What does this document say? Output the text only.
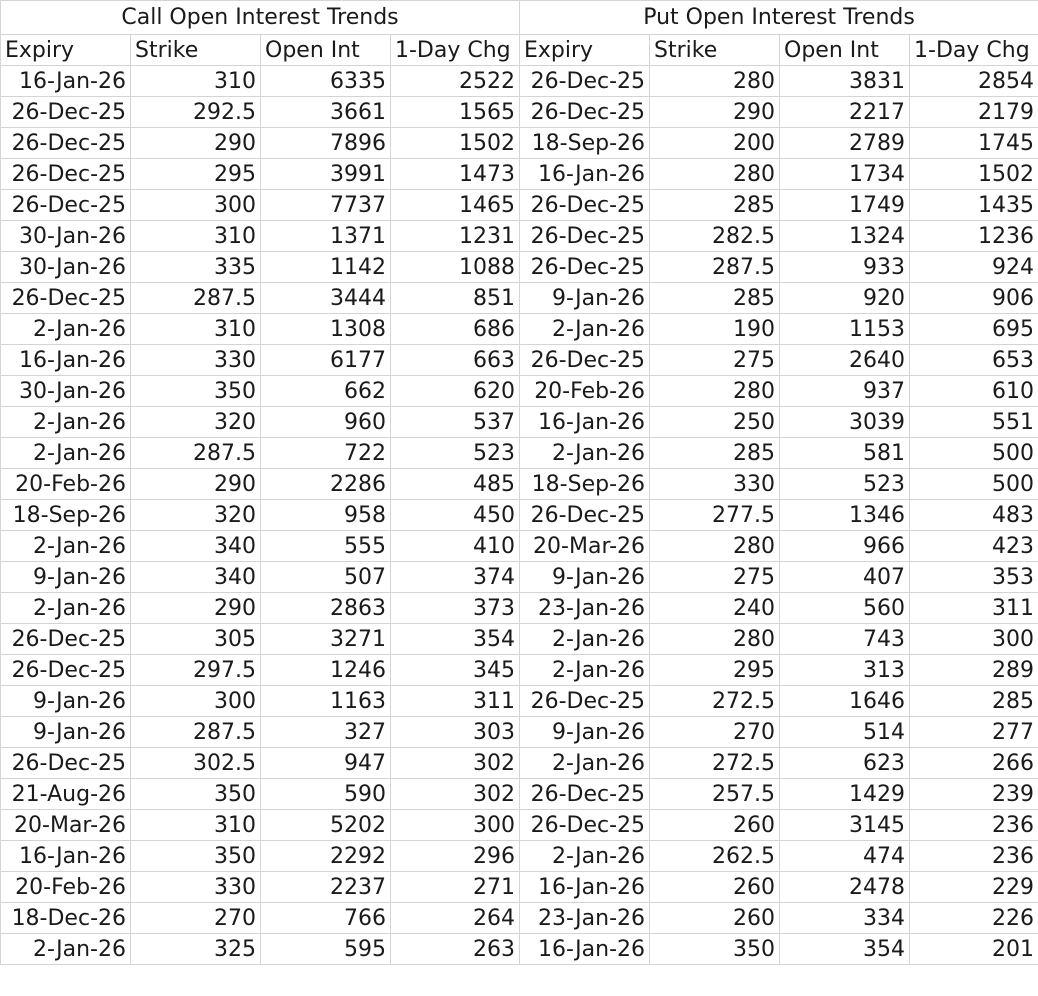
Call Open Interest Trends				Put Open Interest Trends			
Expiry	Strike	Open Int	1-Day Chg	Expiry	Strike	Open Int	1-Day Chg
16-Jan-26	310	6335	2522	26-Dec-25	280	3831	2854
26-Dec-25	292.5	3661	1565	26-Dec-25	290	2217	2179
26-Dec-25	290	7896	1502	18-Sep-26	200	2789	1745
26-Dec-25	295	3991	1473	16-Jan-26	280	1734	1502
26-Dec-25	300	7737	1465	26-Dec-25	285	1749	1435
30-Jan-26	310	1371	1231	26-Dec-25	282.5	1324	1236
30-Jan-26	335	1142	1088	26-Dec-25	287.5	933	924
26-Dec-25	287.5	3444	851	9-Jan-26	285	920	906
2-Jan-26	310	1308	686	2-Jan-26	190	1153	695
16-Jan-26	330	6177	663	26-Dec-25	275	2640	653
30-Jan-26	350	662	620	20-Feb-26	280	937	610
2-Jan-26	320	960	537	16-Jan-26	250	3039	551
2-Jan-26	287.5	722	523	2-Jan-26	285	581	500
20-Feb-26	290	2286	485	18-Sep-26	330	523	500
18-Sep-26	320	958	450	26-Dec-25	277.5	1346	483
2-Jan-26	340	555	410	20-Mar-26	280	966	423
9-Jan-26	340	507	374	9-Jan-26	275	407	353
2-Jan-26	290	2863	373	23-Jan-26	240	560	311
26-Dec-25	305	3271	354	2-Jan-26	280	743	300
26-Dec-25	297.5	1246	345	2-Jan-26	295	313	289
9-Jan-26	300	1163	311	26-Dec-25	272.5	1646	285
9-Jan-26	287.5	327	303	9-Jan-26	270	514	277
26-Dec-25	302.5	947	302	2-Jan-26	272.5	623	266
21-Aug-26	350	590	302	26-Dec-25	257.5	1429	239
20-Mar-26	310	5202	300	26-Dec-25	260	3145	236
16-Jan-26	350	2292	296	2-Jan-26	262.5	474	236
20-Feb-26	330	2237	271	16-Jan-26	260	2478	229
18-Dec-26	270	766	264	23-Jan-26	260	334	226
2-Jan-26	325	595	263	16-Jan-26	350	354	201
